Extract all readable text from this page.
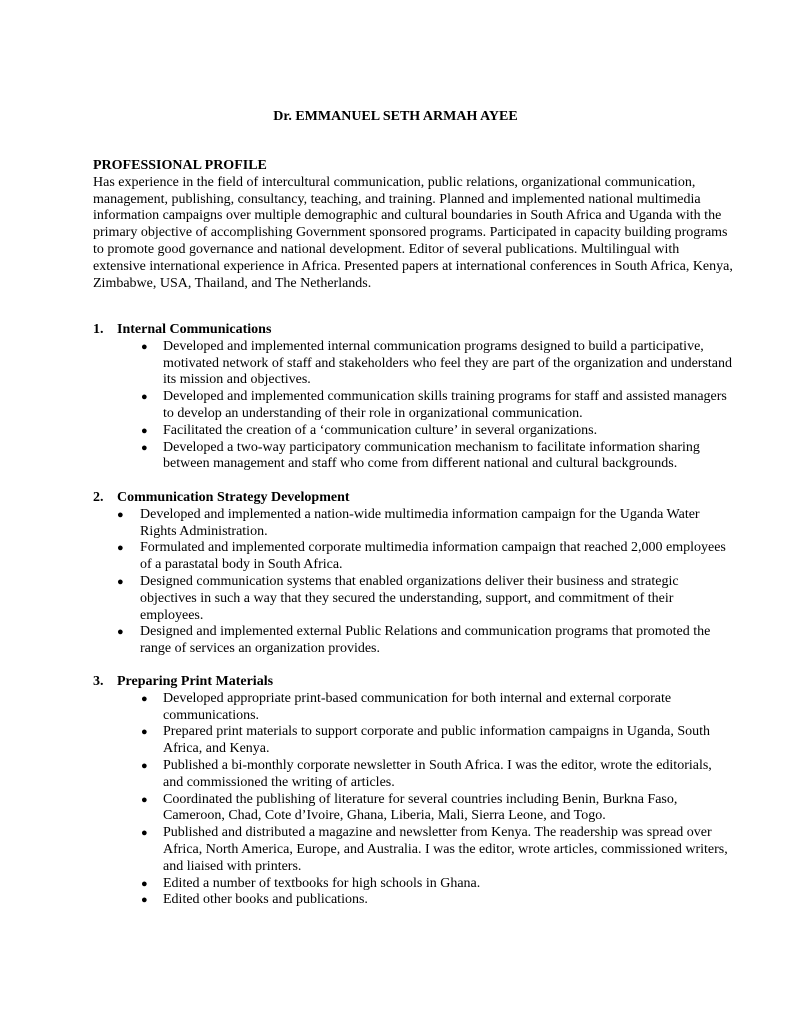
Dr. EMMANUEL SETH ARMAH AYEE
PROFESSIONAL PROFILE

Has experience in the field of intercultural communication, public relations, organizational communication, management, publishing, consultancy, teaching, and training. Planned and implemented national multimedia information campaigns over multiple demographic and cultural boundaries in South Africa and Uganda with the primary objective of accomplishing Government sponsored programs. Participated in capacity building programs to promote good governance and national development. Editor of several publications. Multilingual with extensive international experience in Africa. Presented papers at international conferences in South Africa, Kenya, Zimbabwe, USA, Thailand, and The Netherlands.

1. Internal Communications
● Developed and implemented internal communication programs designed to build a participative, motivated network of staff and stakeholders who feel they are part of the organization and understand its mission and objectives.
● Developed and implemented communication skills training programs for staff and assisted managers to develop an understanding of their role in organizational communication.
● Facilitated the creation of a ‘communication culture’ in several organizations.
● Developed a two-way participatory communication mechanism to facilitate information sharing between management and staff who come from different national and cultural backgrounds.
2. Communication Strategy Development
● Developed and implemented a nation-wide multimedia information campaign for the Uganda Water Rights Administration.
● Formulated and implemented corporate multimedia information campaign that reached 2,000 employees of a parastatal body in South Africa.
● Designed communication systems that enabled organizations deliver their business and strategic objectives in such a way that they secured the understanding, support, and commitment of their employees.
● Designed and implemented external Public Relations and communication programs that promoted the range of services an organization provides.
3. Preparing Print Materials
● Developed appropriate print-based communication for both internal and external corporate communications.
● Prepared print materials to support corporate and public information campaigns in Uganda, South Africa, and Kenya.
● Published a bi-monthly corporate newsletter in South Africa. I was the editor, wrote the editorials, and commissioned the writing of articles.
● Coordinated the publishing of literature for several countries including Benin, Burkna Faso, Cameroon, Chad, Cote d’Ivoire, Ghana, Liberia, Mali, Sierra Leone, and Togo.
● Published and distributed a magazine and newsletter from Kenya. The readership was spread over Africa, North America, Europe, and Australia. I was the editor, wrote articles, commissioned writers, and liaised with printers.
● Edited a number of textbooks for high schools in Ghana.
● Edited other books and publications.
